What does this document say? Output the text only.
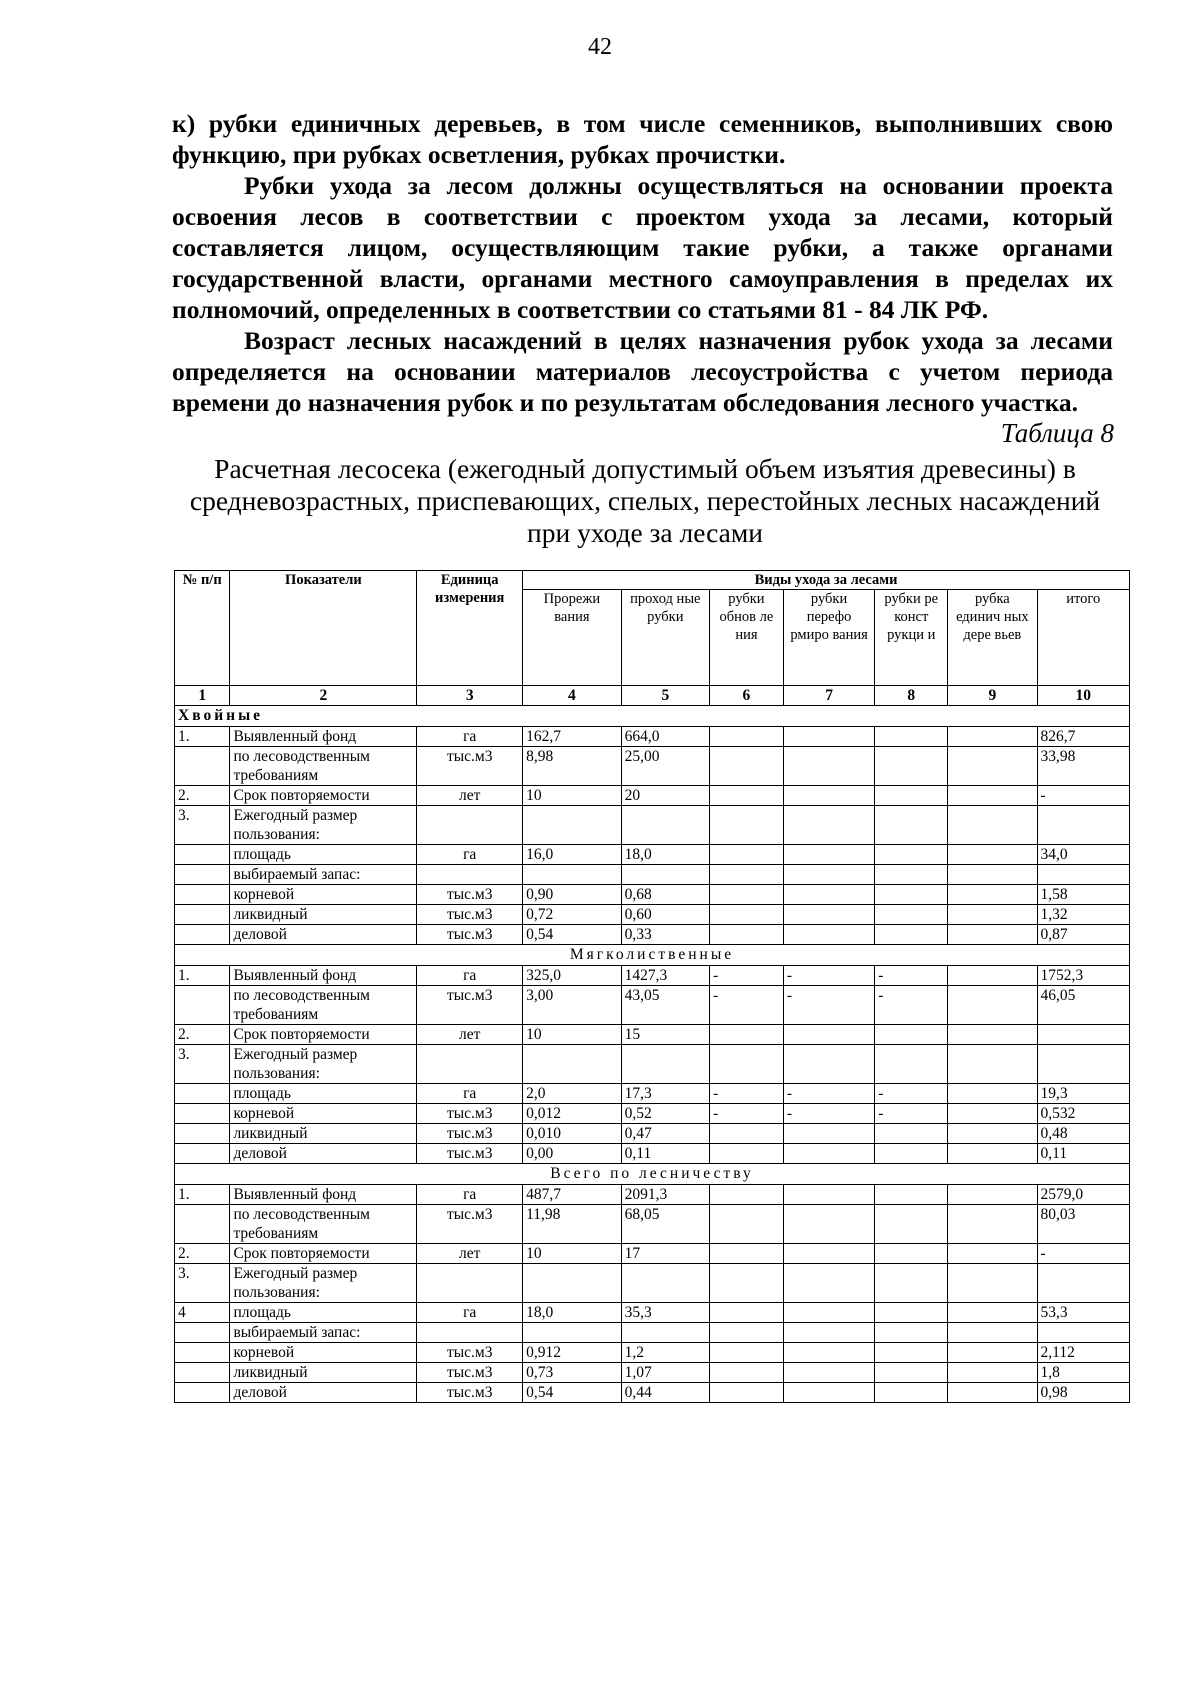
42

к) рубки единичных деревьев, в том числе семенников, выполнивших свою функцию, при рубках осветления, рубках прочистки.

Рубки ухода за лесом должны осуществляться на основании проекта освоения лесов в соответствии с проектом ухода за лесами, который составляется лицом, осуществляющим такие рубки, а также органами государственной власти, органами местного самоуправления в пределах их полномочий, определенных в соответствии со статьями 81 - 84 ЛК РФ.

Возраст лесных насаждений в целях назначения рубок ухода за лесами определяется на основании материалов лесоустройства с учетом периода времени до назначения рубок и по результатам обследования лесного участка.

Таблица 8
Расчетная лесосека (ежегодный допустимый объем изъятия древесины) в средневозрастных, приспевающих, спелых, перестойных лесных насаждений при уходе за лесами
№ п/п	Показатели	Единица измерения	Виды ухода за лесами						
			Прорежи вания	проход ные рубки	рубки обнов ле ния	рубки перефо рмиро вания	рубки ре конст рукци и	рубка единич ных дере вьев	итого
1	2	3	4	5	6	7	8	9	10
Хвойные									
1.	Выявленный фонд	га	162,7	664,0					826,7
	по лесоводственным требованиям	тыс.м3	8,98	25,00					33,98
2.	Срок повторяемости	лет	10	20					-
3.	Ежегодный размер пользования:								
	площадь	га	16,0	18,0					34,0
	выбираемый запас:								
	корневой	тыс.м3	0,90	0,68					1,58
	ликвидный	тыс.м3	0,72	0,60					1,32
	деловой	тыс.м3	0,54	0,33					0,87
Мягколиственные									
1.	Выявленный фонд	га	325,0	1427,3	-	-	-		1752,3
	по лесоводственным требованиям	тыс.м3	3,00	43,05	-	-	-		46,05
2.	Срок повторяемости	лет	10	15					
3.	Ежегодный размер пользования:								
	площадь	га	2,0	17,3	-	-	-		19,3
	корневой	тыс.м3	0,012	0,52	-	-	-		0,532
	ликвидный	тыс.м3	0,010	0,47					0,48
	деловой	тыс.м3	0,00	0,11					0,11
Всего по лесничеству									
1.	Выявленный фонд	га	487,7	2091,3					2579,0
	по лесоводственным требованиям	тыс.м3	11,98	68,05					80,03
2.	Срок повторяемости	лет	10	17					-
3.	Ежегодный размер пользования:								
4	площадь	га	18,0	35,3					53,3
	выбираемый запас:								
	корневой	тыс.м3	0,912	1,2					2,112
	ликвидный	тыс.м3	0,73	1,07					1,8
	деловой	тыс.м3	0,54	0,44					0,98
